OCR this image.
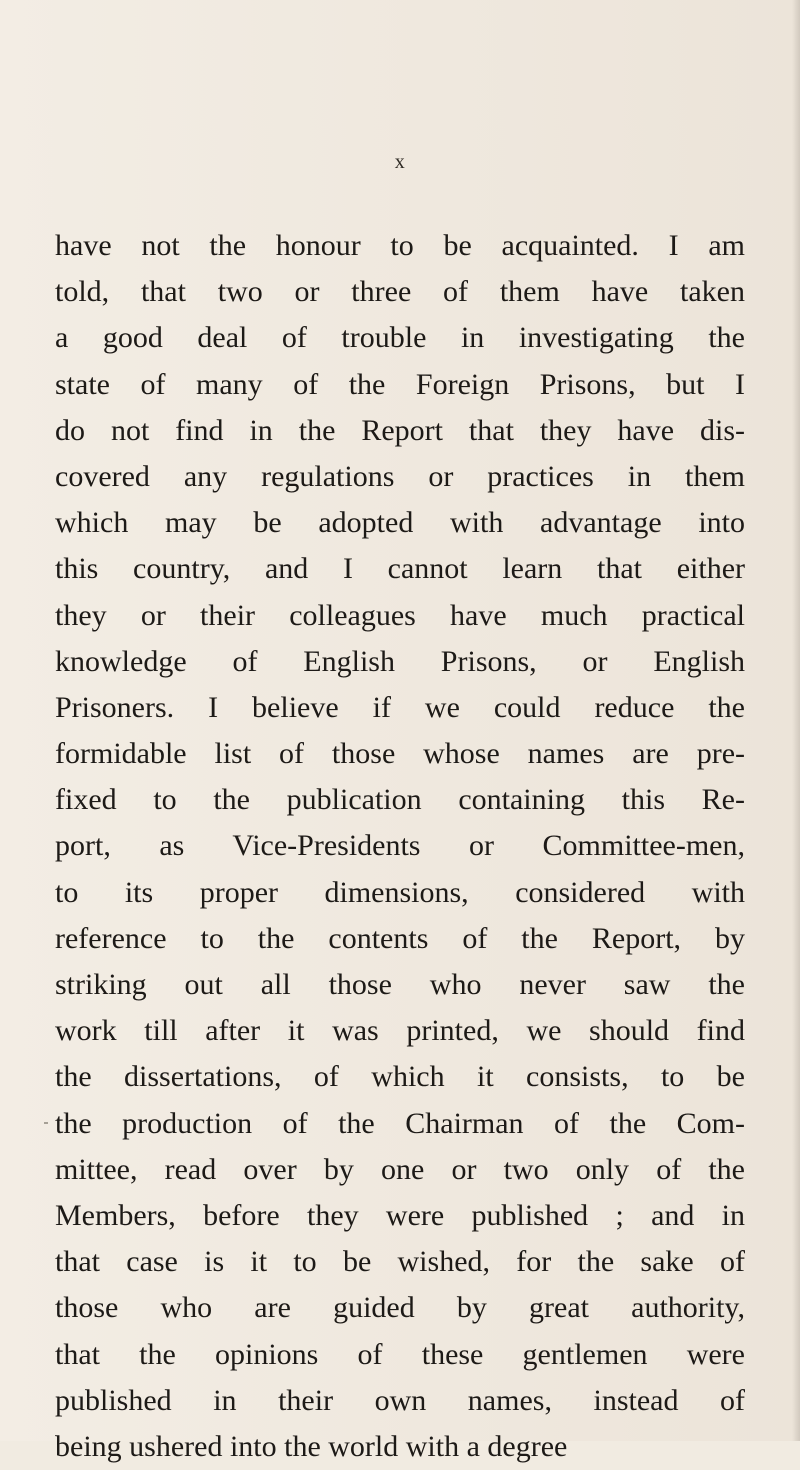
x
have not the honour to be acquainted. I am
told, that two or three of them have taken
a good deal of trouble in investigating the
state of many of the Foreign Prisons, but I
do not find in the Report that they have dis-
covered any regulations or practices in them
which may be adopted with advantage into
this country, and I cannot learn that either
they or their colleagues have much practical
knowledge of English Prisons, or English
Prisoners. I believe if we could reduce the
formidable list of those whose names are pre-
fixed to the publication containing this Re-
port, as Vice-Presidents or Committee-men,
to its proper dimensions, considered with
reference to the contents of the Report, by
striking out all those who never saw the
work till after it was printed, we should find
the dissertations, of which it consists, to be
the production of the Chairman of the Com-
mittee, read over by one or two only of the
Members, before they were published ; and in
that case is it to be wished, for the sake of
those who are guided by great authority,
that the opinions of these gentlemen were
published in their own names, instead of
being ushered into the world with a degree
